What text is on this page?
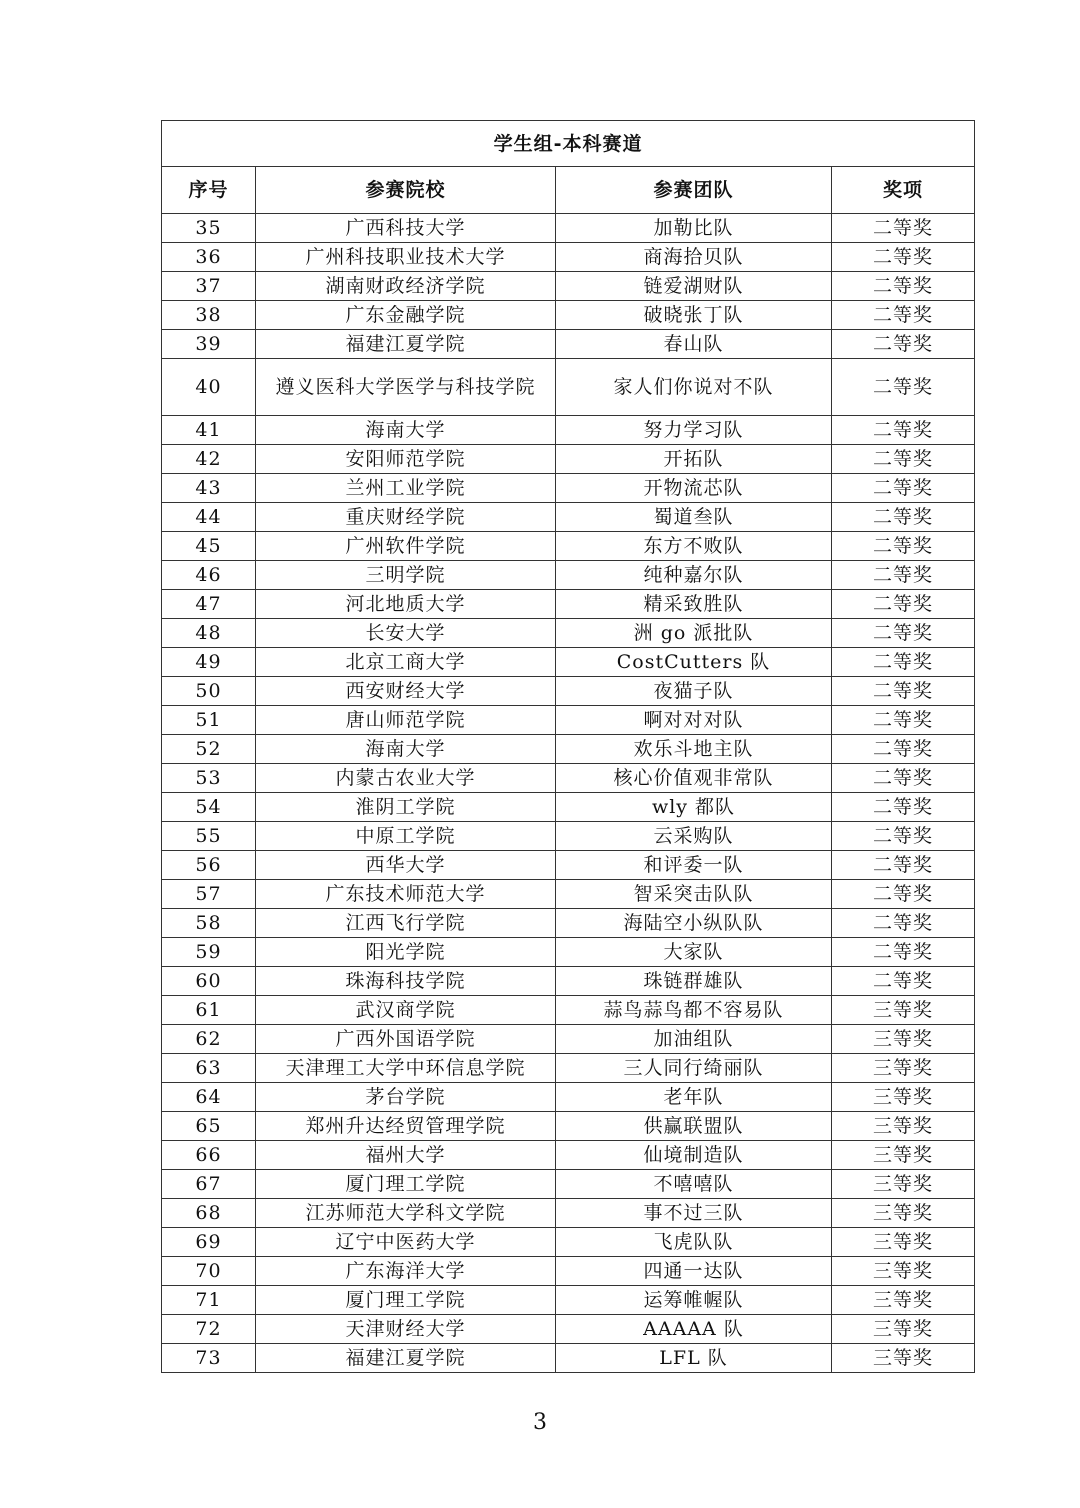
学生组-本科赛道			
序号	参赛院校	参赛团队	奖项
35	广西科技大学	加勒比队	二等奖
36	广州科技职业技术大学	商海拾贝队	二等奖
37	湖南财政经济学院	链爱湖财队	二等奖
38	广东金融学院	破晓张丁队	二等奖
39	福建江夏学院	春山队	二等奖
40	遵义医科大学医学与科技学院	家人们你说对不队	二等奖
41	海南大学	努力学习队	二等奖
42	安阳师范学院	开拓队	二等奖
43	兰州工业学院	开物流芯队	二等奖
44	重庆财经学院	蜀道叁队	二等奖
45	广州软件学院	东方不败队	二等奖
46	三明学院	纯种嘉尔队	二等奖
47	河北地质大学	精采致胜队	二等奖
48	长安大学	洲 go 派批队	二等奖
49	北京工商大学	CostCutters 队	二等奖
50	西安财经大学	夜猫子队	二等奖
51	唐山师范学院	啊对对对队	二等奖
52	海南大学	欢乐斗地主队	二等奖
53	内蒙古农业大学	核心价值观非常队	二等奖
54	淮阴工学院	wly 都队	二等奖
55	中原工学院	云采购队	二等奖
56	西华大学	和评委一队	二等奖
57	广东技术师范大学	智采突击队队	二等奖
58	江西飞行学院	海陆空小纵队队	二等奖
59	阳光学院	大家队	二等奖
60	珠海科技学院	珠链群雄队	二等奖
61	武汉商学院	蒜鸟蒜鸟都不容易队	三等奖
62	广西外国语学院	加油组队	三等奖
63	天津理工大学中环信息学院	三人同行绮丽队	三等奖
64	茅台学院	老年队	三等奖
65	郑州升达经贸管理学院	供赢联盟队	三等奖
66	福州大学	仙境制造队	三等奖
67	厦门理工学院	不嘻嘻队	三等奖
68	江苏师范大学科文学院	事不过三队	三等奖
69	辽宁中医药大学	飞虎队队	三等奖
70	广东海洋大学	四通一达队	三等奖
71	厦门理工学院	运筹帷幄队	三等奖
72	天津财经大学	AAAAA 队	三等奖
73	福建江夏学院	LFL 队	三等奖
3
